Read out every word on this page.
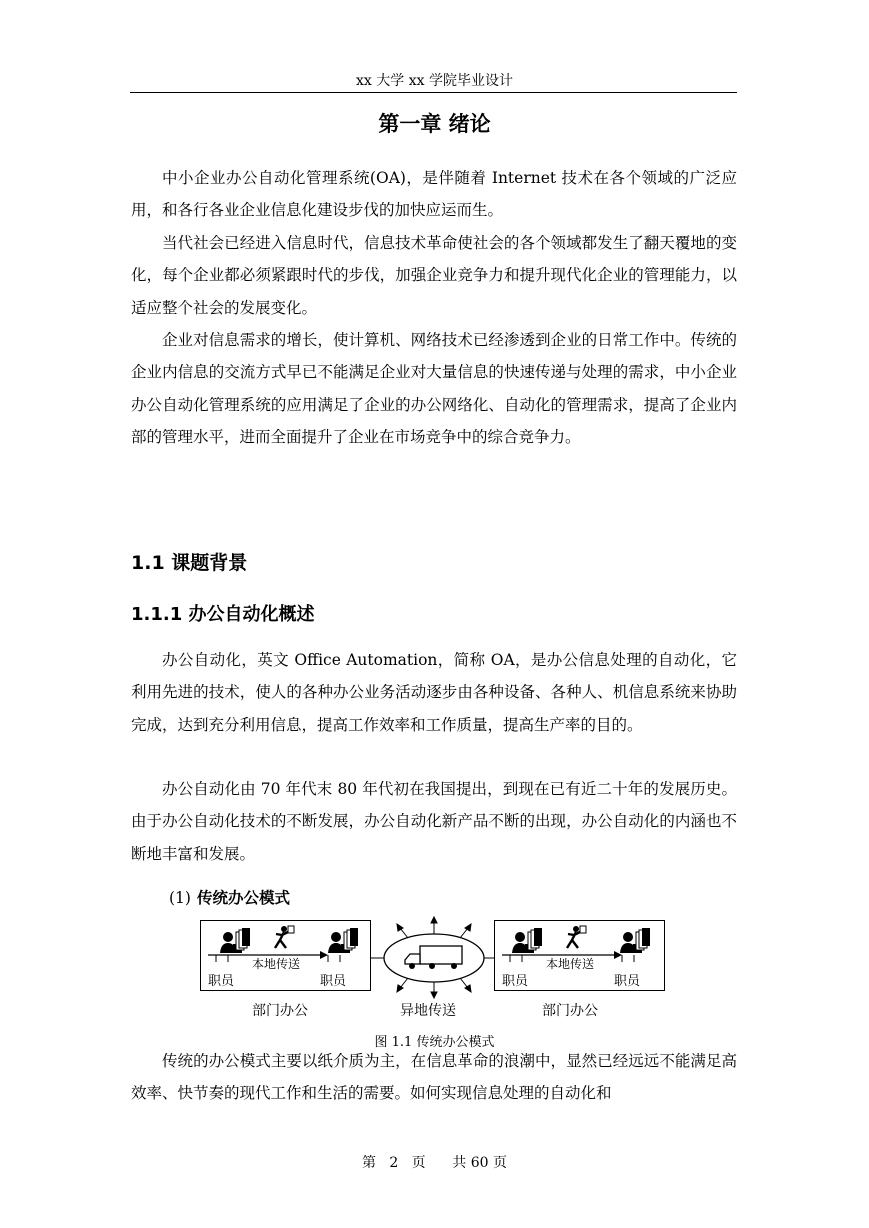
xx 大学 xx 学院毕业设计
第一章 绪论

中小企业办公自动化管理系统(OA)，是伴随着 Internet 技术在各个领域的广泛应用，和各行各业企业信息化建设步伐的加快应运而生。

当代社会已经进入信息时代，信息技术革命使社会的各个领域都发生了翻天覆地的变化，每个企业都必须紧跟时代的步伐，加强企业竞争力和提升现代化企业的管理能力，以适应整个社会的发展变化。

企业对信息需求的增长，使计算机、网络技术已经渗透到企业的日常工作中。传统的企业内信息的交流方式早已不能满足企业对大量信息的快速传递与处理的需求，中小企业办公自动化管理系统的应用满足了企业的办公网络化、自动化的管理需求，提高了企业内部的管理水平，进而全面提升了企业在市场竞争中的综合竞争力。

1.1 课题背景
1.1.1 办公自动化概述

办公自动化，英文 Office Automation，简称 OA，是办公信息处理的自动化，它利用先进的技术，使人的各种办公业务活动逐步由各种设备、各种人、机信息系统来协助完成，达到充分利用信息，提高工作效率和工作质量，提高生产率的目的。

办公自动化由 70 年代末 80 年代初在我国提出，到现在已有近二十年的发展历史。由于办公自动化技术的不断发展，办公自动化新产品不断的出现，办公自动化的内涵也不断地丰富和发展。

(1) 传统办公模式
本地传送
职员	职员
部门办公	异地传送
本地传送
职员	职员
部门办公
图 1.1 传统办公模式

传统的办公模式主要以纸介质为主，在信息革命的浪潮中，显然已经远远不能满足高效率、快节奏的现代工作和生活的需要。如何实现信息处理的自动化和

第   2   页      共 60 页
